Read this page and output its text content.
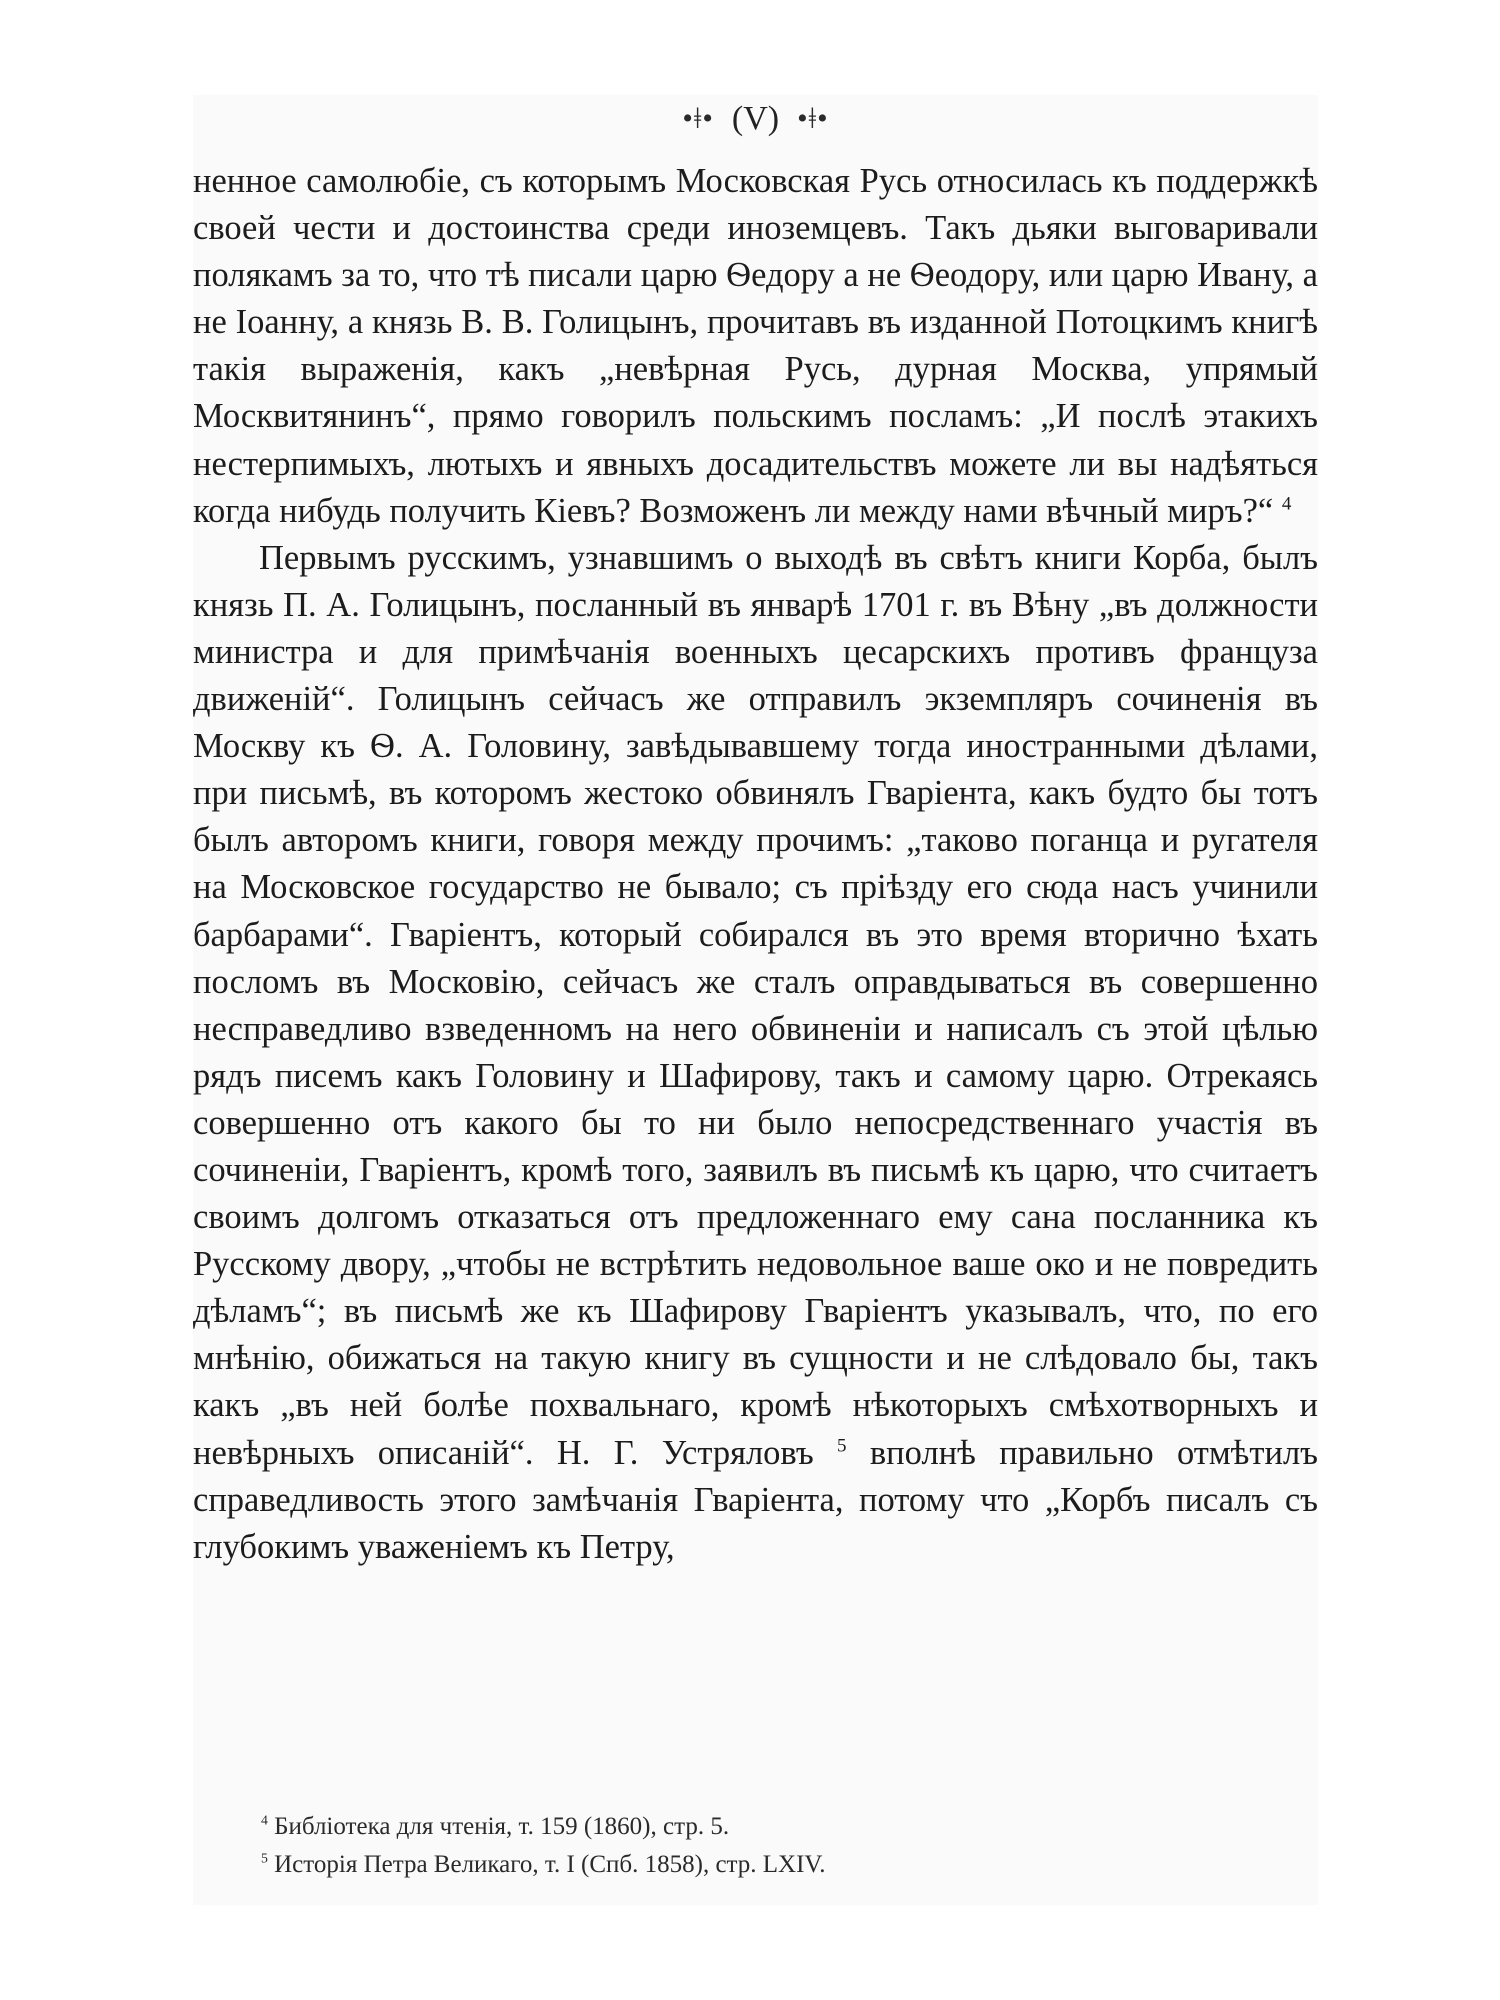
•ǂ• (V) •ǂ•

ненное самолюбіе, съ которымъ Московская Русь относилась къ поддержкѣ своей чести и достоинства среди иноземцевъ. Такъ дьяки выговаривали полякамъ за то, что тѣ писали царю Ѳедору а не Ѳеодору, или царю Ивану, а не Іоанну, а князь В. В. Голицынъ, прочитавъ въ изданной Потоцкимъ книгѣ такія выраженія, какъ „невѣрная Русь, дурная Москва, упрямый Москвитянинъ“, прямо говорилъ польскимъ посламъ: „И послѣ этакихъ нестерпимыхъ, лютыхъ и явныхъ досадительствъ можете ли вы надѣяться когда нибудь получить Кіевъ? Возможенъ ли между нами вѣчный миръ?“ $^4$

Первымъ русскимъ, узнавшимъ о выходѣ въ свѣтъ книги Корба, былъ князь П. А. Голицынъ, посланный въ январѣ 1701 г. въ Вѣну „въ должности министра и для примѣчанія военныхъ цесарскихъ противъ француза движеній“. Голицынъ сейчасъ же отправилъ экземпляръ сочиненія въ Москву къ Ѳ. А. Головину, завѣдывавшему тогда иностранными дѣлами, при письмѣ, въ которомъ жестоко обвинялъ Гваріента, какъ будто бы тотъ былъ авторомъ книги, говоря между прочимъ: „таково поганца и ругателя на Московское государство не бывало; съ пріѣзду его сюда насъ учинили барбарами“. Гваріентъ, который собирался въ это время вторично ѣхать посломъ въ Московію, сейчасъ же сталъ оправдываться въ совершенно несправедливо взведенномъ на него обвиненіи и написалъ съ этой цѣлью рядъ писемъ какъ Головину и Шафирову, такъ и самому царю. Отрекаясь совершенно отъ какого бы то ни было непосредственнаго участія въ сочиненіи, Гваріентъ, кромѣ того, заявилъ въ письмѣ къ царю, что считаетъ своимъ долгомъ отказаться отъ предложеннаго ему сана посланника къ Русскому двору, „чтобы не встрѣтить недовольное ваше око и не повредить дѣламъ“; въ письмѣ же къ Шафирову Гваріентъ указывалъ, что, по его мнѣнію, обижаться на такую книгу въ сущности и не слѣдовало бы, такъ какъ „въ ней болѣе похвальнаго, кромѣ нѣкоторыхъ смѣхотворныхъ и невѣрныхъ описаній“. Н. Г. Устряловъ $^5$ вполнѣ правильно отмѣтилъ справедливость этого замѣчанія Гваріента, потому что „Корбъ писалъ съ глубокимъ уваженіемъ къ Петру,

$^4$ Библіотека для чтенія, т. 159 (1860), стр. 5.

$^5$ Исторія Петра Великаго, т. I (Спб. 1858), стр. LXIV.
